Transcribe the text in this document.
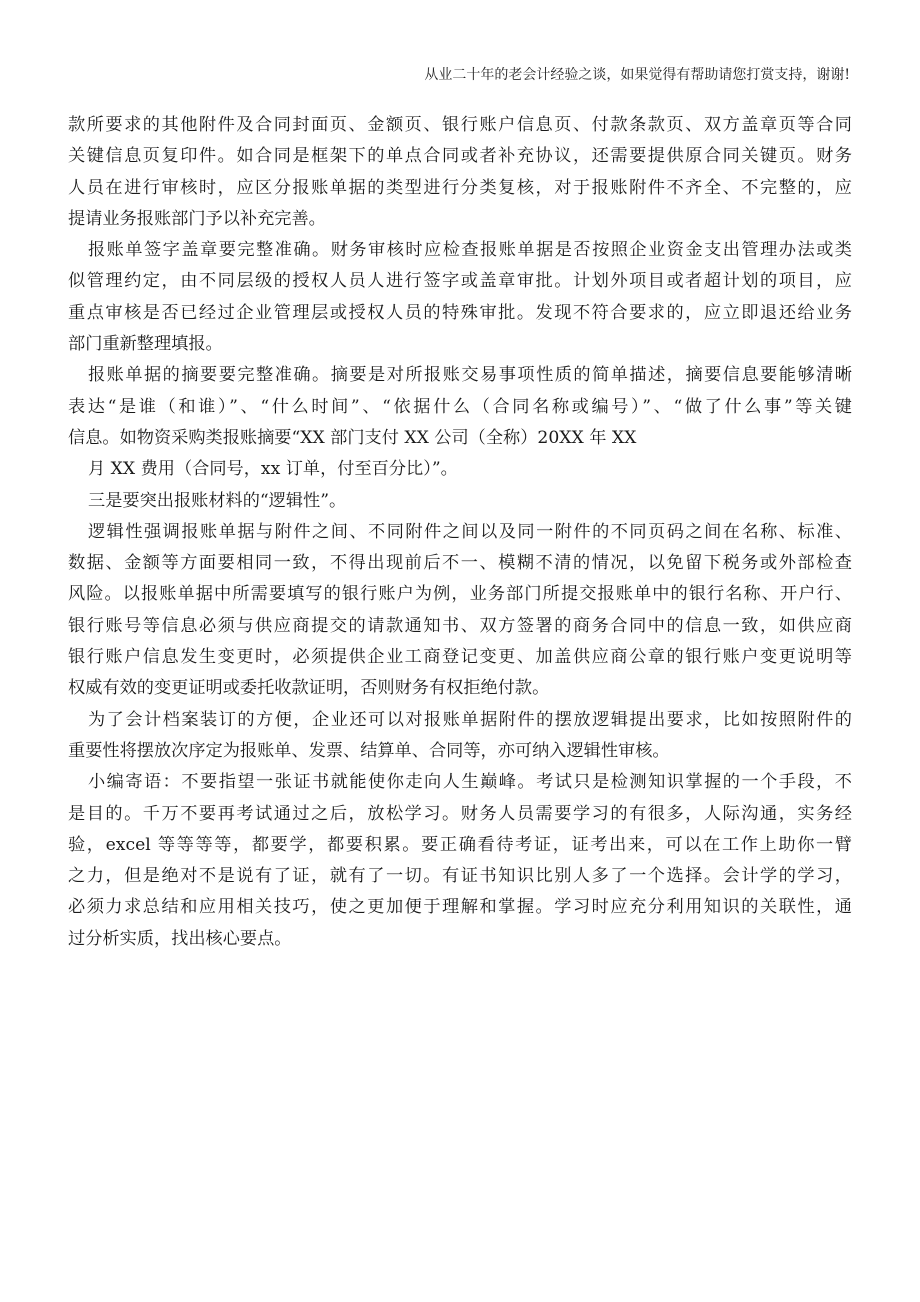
从业二十年的老会计经验之谈，如果觉得有帮助请您打赏支持，谢谢!
款所要求的其他附件及合同封面页、金额页、银行账户信息页、付款条款页、双方盖章页等合同
关键信息页复印件。如合同是框架下的单点合同或者补充协议，还需要提供原合同关键页。财务
人员在进行审核时，应区分报账单据的类型进行分类复核，对于报账附件不齐全、不完整的，应
提请业务报账部门予以补充完善。
报账单签字盖章要完整准确。财务审核时应检查报账单据是否按照企业资金支出管理办法或类
似管理约定，由不同层级的授权人员人进行签字或盖章审批。计划外项目或者超计划的项目，应
重点审核是否已经过企业管理层或授权人员的特殊审批。发现不符合要求的，应立即退还给业务
部门重新整理填报。
报账单据的摘要要完整准确。摘要是对所报账交易事项性质的简单描述，摘要信息要能够清晰
表达“是谁（和谁）”、“什么时间”、“依据什么（合同名称或编号）”、“做了什么事”等关键
信息。如物资采购类报账摘要“XX 部门支付 XX 公司（全称）20XX 年 XX
月 XX 费用（合同号，xx 订单，付至百分比）”。
三是要突出报账材料的“逻辑性”。
逻辑性强调报账单据与附件之间、不同附件之间以及同一附件的不同页码之间在名称、标准、
数据、金额等方面要相同一致，不得出现前后不一、模糊不清的情况，以免留下税务或外部检查
风险。以报账单据中所需要填写的银行账户为例，业务部门所提交报账单中的银行名称、开户行、
银行账号等信息必须与供应商提交的请款通知书、双方签署的商务合同中的信息一致，如供应商
银行账户信息发生变更时，必须提供企业工商登记变更、加盖供应商公章的银行账户变更说明等
权威有效的变更证明或委托收款证明，否则财务有权拒绝付款。
为了会计档案装订的方便，企业还可以对报账单据附件的摆放逻辑提出要求，比如按照附件的
重要性将摆放次序定为报账单、发票、结算单、合同等，亦可纳入逻辑性审核。
小编寄语：不要指望一张证书就能使你走向人生巅峰。考试只是检测知识掌握的一个手段，不
是目的。千万不要再考试通过之后，放松学习。财务人员需要学习的有很多，人际沟通，实务经
验，excel 等等等等，都要学，都要积累。要正确看待考证，证考出来，可以在工作上助你一臂
之力，但是绝对不是说有了证，就有了一切。有证书知识比别人多了一个选择。会计学的学习，
必须力求总结和应用相关技巧，使之更加便于理解和掌握。学习时应充分利用知识的关联性，通
过分析实质，找出核心要点。
